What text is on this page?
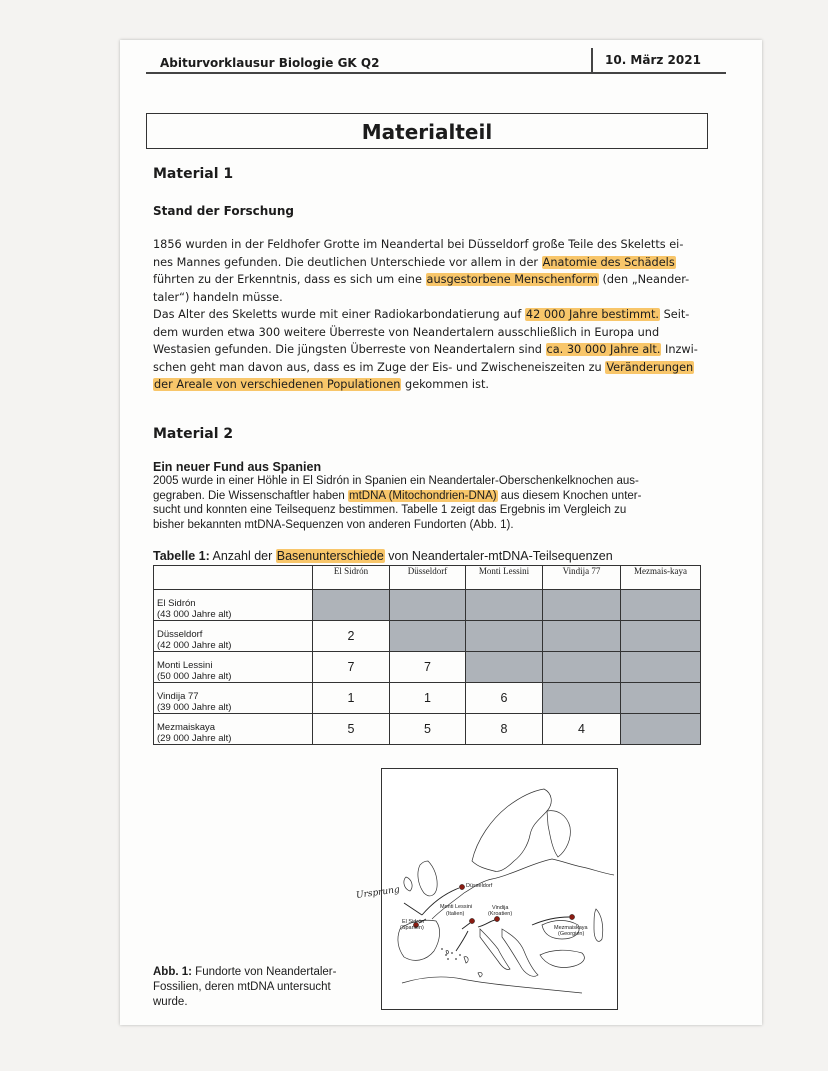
Abiturvorklausur Biologie GK Q2	10. März 2021
Materialteil
Material 1
Stand der Forschung
1856 wurden in der Feldhofer Grotte im Neandertal bei Düsseldorf große Teile des Skeletts ei-
nes Mannes gefunden. Die deutlichen Unterschiede vor allem in der Anatomie des Schädels
führten zu der Erkenntnis, dass es sich um eine ausgestorbene Menschenform (den „Neander-
taler“) handeln müsse.
Das Alter des Skeletts wurde mit einer Radiokarbondatierung auf 42 000 Jahre bestimmt. Seit-
dem wurden etwa 300 weitere Überreste von Neandertalern ausschließlich in Europa und
Westasien gefunden. Die jüngsten Überreste von Neandertalern sind ca. 30 000 Jahre alt. Inzwi-
schen geht man davon aus, dass es im Zuge der Eis- und Zwischeneiszeiten zu Veränderungen
der Areale von verschiedenen Populationen gekommen ist.
Material 2
Ein neuer Fund aus Spanien
2005 wurde in einer Höhle in El Sidrón in Spanien ein Neandertaler-Oberschenkelknochen aus-
gegraben. Die Wissenschaftler haben mtDNA (Mitochondrien-DNA) aus diesem Knochen unter-
sucht und konnten eine Teilsequenz bestimmen. Tabelle 1 zeigt das Ergebnis im Vergleich zu
bisher bekannten mtDNA-Sequenzen von anderen Fundorten (Abb. 1).
Tabelle 1: Anzahl der Basenunterschiede von Neandertaler-mtDNA-Teilsequenzen
	El Sidrón	Düsseldorf	Monti Lessini	Vindija 77	Mezmais-kaya

El Sidrón
(43 000 Jahre alt)					

Düsseldorf
(42 000 Jahre alt)	2				

Monti Lessini
(50 000 Jahre alt)	7	7			

Vindija 77
(39 000 Jahre alt)	1	1	6		

Mezmaiskaya
(29 000 Jahre alt)	5	5	8	4	
Düsseldorf
Monti Lessini
(Italien)
Vindija
(Kroatien)
El Sidrón
(Spanien)	Mezmaiskaya
(Georgien)
Ursprung
Abb. 1: Fundorte von Neandertaler-Fossilien, deren mtDNA untersucht wurde.
